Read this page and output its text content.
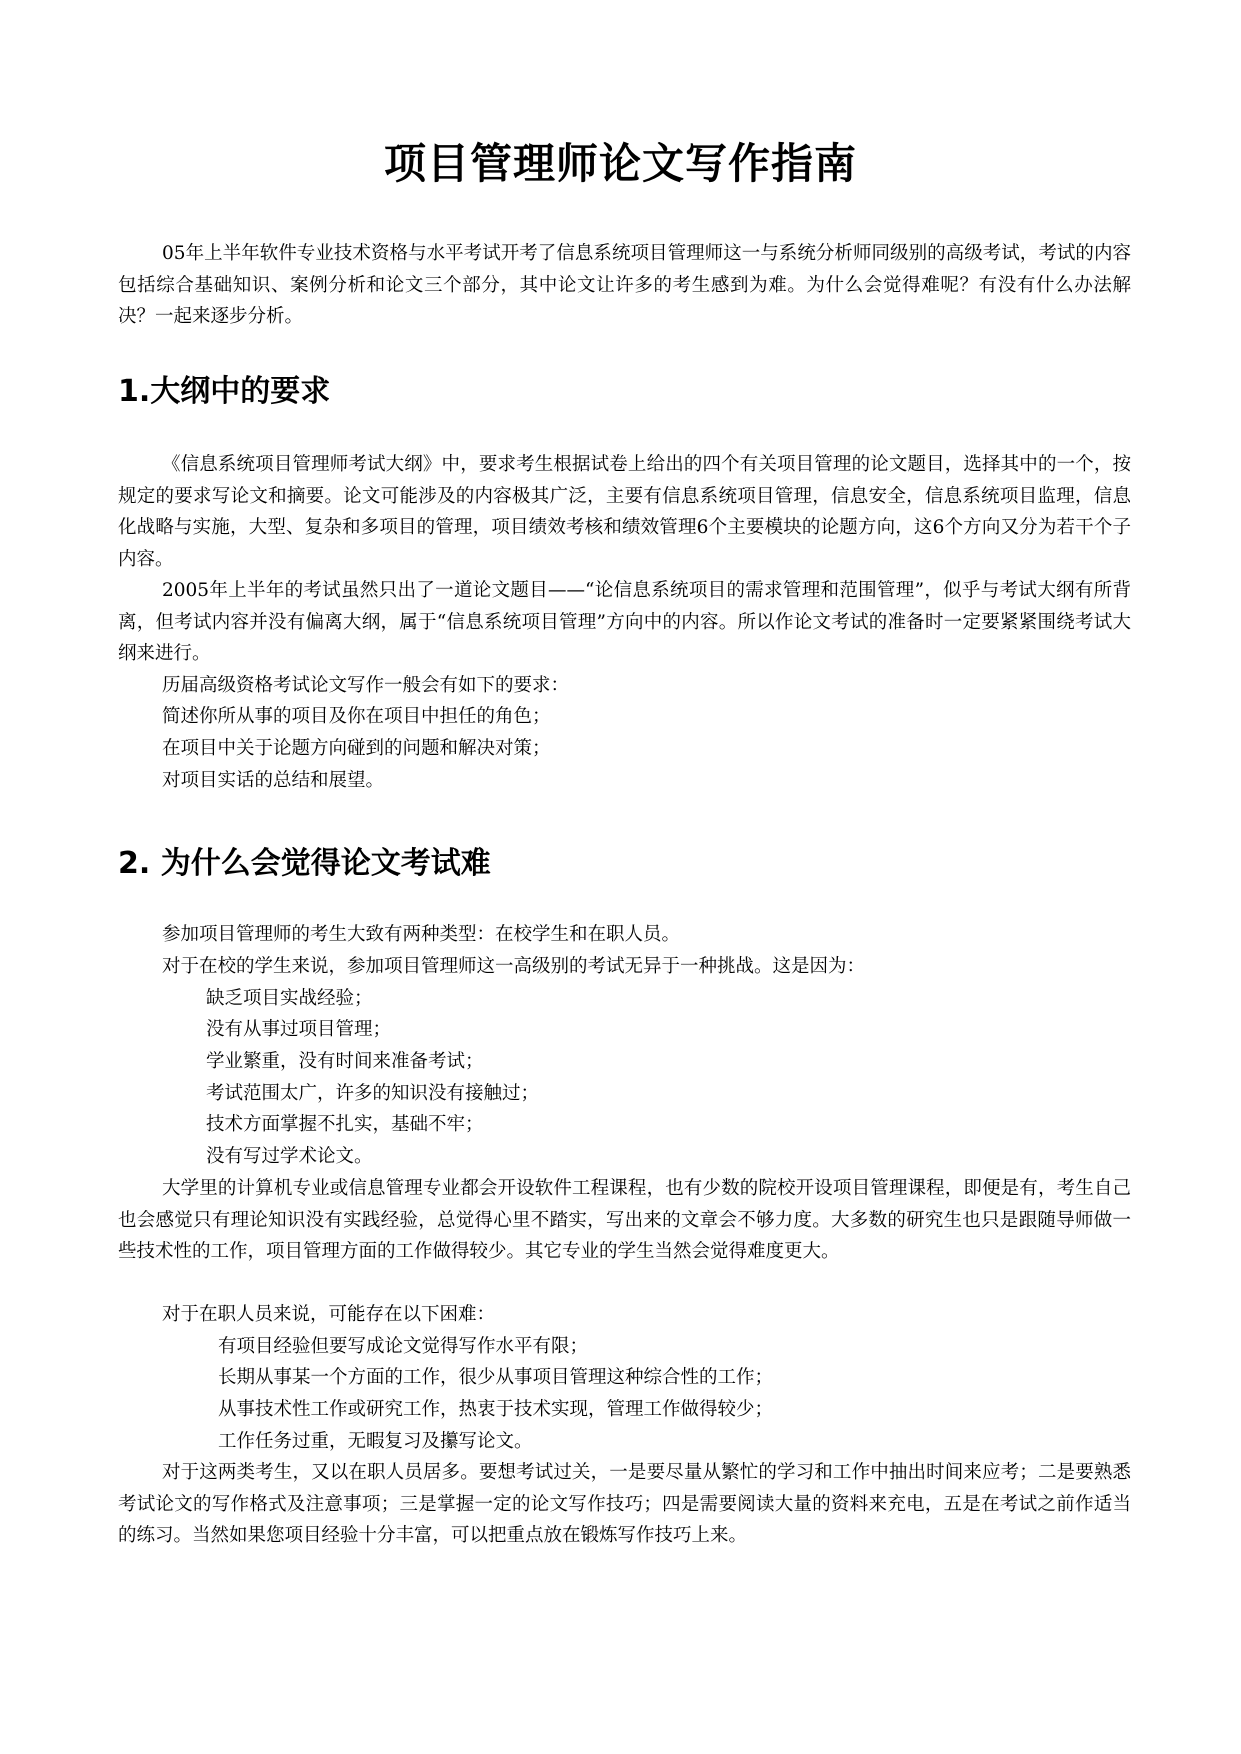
项目管理师论文写作指南

05年上半年软件专业技术资格与水平考试开考了信息系统项目管理师这一与系统分析师同级别的高级考试，考试的内容包括综合基础知识、案例分析和论文三个部分，其中论文让许多的考生感到为难。为什么会觉得难呢？有没有什么办法解决？一起来逐步分析。

1.大纲中的要求

《信息系统项目管理师考试大纲》中，要求考生根据试卷上给出的四个有关项目管理的论文题目，选择其中的一个，按规定的要求写论文和摘要。论文可能涉及的内容极其广泛，主要有信息系统项目管理，信息安全，信息系统项目监理，信息化战略与实施，大型、复杂和多项目的管理，项目绩效考核和绩效管理6个主要模块的论题方向，这6个方向又分为若干个子内容。

2005年上半年的考试虽然只出了一道论文题目——“论信息系统项目的需求管理和范围管理”，似乎与考试大纲有所背离，但考试内容并没有偏离大纲，属于“信息系统项目管理”方向中的内容。所以作论文考试的准备时一定要紧紧围绕考试大纲来进行。

历届高级资格考试论文写作一般会有如下的要求：

简述你所从事的项目及你在项目中担任的角色；

在项目中关于论题方向碰到的问题和解决对策；

对项目实话的总结和展望。

2. 为什么会觉得论文考试难

参加项目管理师的考生大致有两种类型：在校学生和在职人员。

对于在校的学生来说，参加项目管理师这一高级别的考试无异于一种挑战。这是因为：

缺乏项目实战经验；

没有从事过项目管理；

学业繁重，没有时间来准备考试；

考试范围太广，许多的知识没有接触过；

技术方面掌握不扎实，基础不牢；

没有写过学术论文。

大学里的计算机专业或信息管理专业都会开设软件工程课程，也有少数的院校开设项目管理课程，即便是有，考生自己也会感觉只有理论知识没有实践经验，总觉得心里不踏实，写出来的文章会不够力度。大多数的研究生也只是跟随导师做一些技术性的工作，项目管理方面的工作做得较少。其它专业的学生当然会觉得难度更大。

对于在职人员来说，可能存在以下困难：

有项目经验但要写成论文觉得写作水平有限；

长期从事某一个方面的工作，很少从事项目管理这种综合性的工作；

从事技术性工作或研究工作，热衷于技术实现，管理工作做得较少；

工作任务过重，无暇复习及攥写论文。

对于这两类考生，又以在职人员居多。要想考试过关，一是要尽量从繁忙的学习和工作中抽出时间来应考；二是要熟悉考试论文的写作格式及注意事项；三是掌握一定的论文写作技巧；四是需要阅读大量的资料来充电，五是在考试之前作适当的练习。当然如果您项目经验十分丰富，可以把重点放在锻炼写作技巧上来。
